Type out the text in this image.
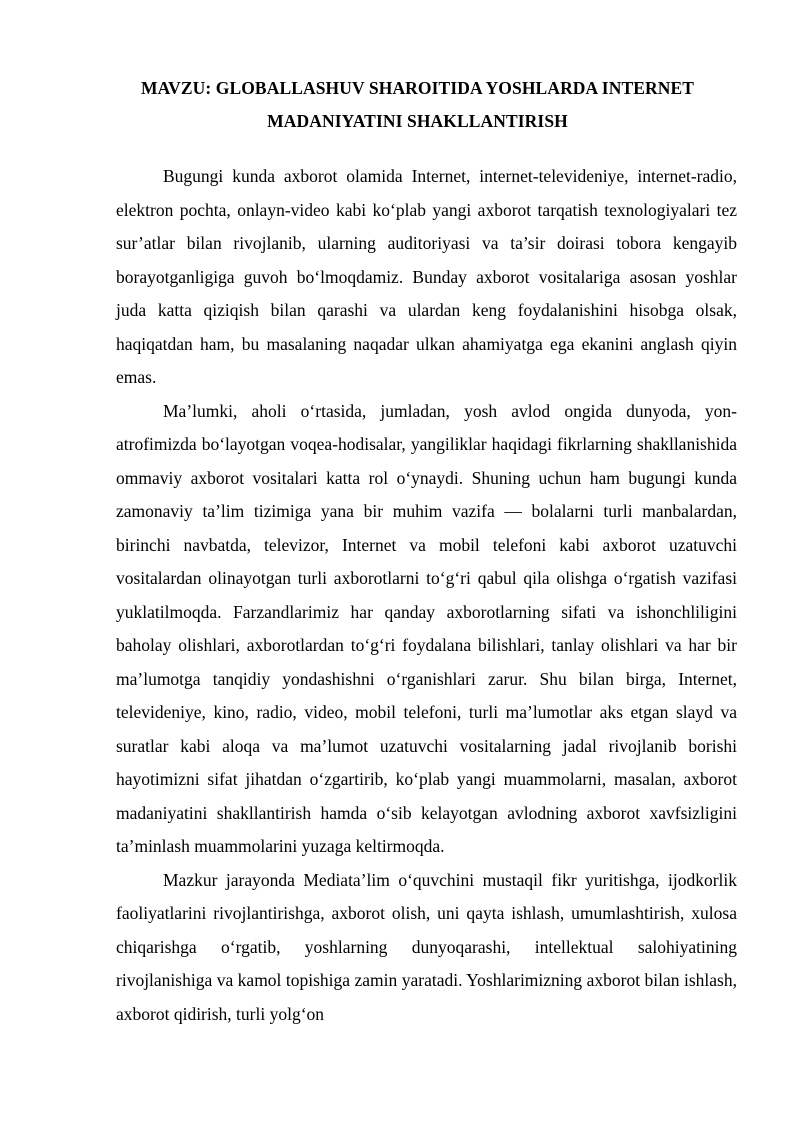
MAVZU: GLOBALLASHUV SHAROITIDA YOSHLARDA INTERNET
MADANIYATINI SHAKLLANTIRISH

Bugungi kunda axborot olamida Internet, internet-televideniye, internet-radio, elektron pochta, onlayn-video kabi ko‘plab yangi axborot tarqatish texnologiyalari tez sur’atlar bilan rivojlanib, ularning auditoriyasi va ta’sir doirasi tobora kengayib borayotganligiga guvoh bo‘lmoqdamiz. Bunday axborot vositalariga asosan yoshlar juda katta qiziqish bilan qarashi va ulardan keng foydalanishini hisobga olsak, haqiqatdan ham, bu masalaning naqadar ulkan ahamiyatga ega ekanini anglash qiyin emas.

Ma’lumki, aholi o‘rtasida, jumladan, yosh avlod ongida dunyoda, yon-atrofimizda bo‘layotgan voqea-hodisalar, yangiliklar haqidagi fikrlarning shakllanishida ommaviy axborot vositalari katta rol o‘ynaydi. Shuning uchun ham bugungi kunda zamonaviy ta’lim tizimiga yana bir muhim vazifa — bolalarni turli manbalardan, birinchi navbatda, televizor, Internet va mobil telefoni kabi axborot uzatuvchi vositalardan olinayotgan turli axborotlarni to‘g‘ri qabul qila olishga o‘rgatish vazifasi yuklatilmoqda. Farzandlarimiz har qanday axborotlarning sifati va ishonchliligini baholay olishlari, axborotlardan to‘g‘ri foydalana bilishlari, tanlay olishlari va har bir ma’lumotga tanqidiy yondashishni o‘rganishlari zarur. Shu bilan birga, Internet, televideniye, kino, radio, video, mobil telefoni, turli ma’lumotlar aks etgan slayd va suratlar kabi aloqa va ma’lumot uzatuvchi vositalarning jadal rivojlanib borishi hayotimizni sifat jihatdan o‘zgartirib, ko‘plab yangi muammolarni, masalan, axborot madaniyatini shakllantirish hamda o‘sib kelayotgan avlodning axborot xavfsizligini ta’minlash muammolarini yuzaga keltirmoqda.

Mazkur jarayonda Mediata’lim o‘quvchini mustaqil fikr yuritishga, ijodkorlik faoliyatlarini rivojlantirishga, axborot olish, uni qayta ishlash, umumlashtirish, xulosa chiqarishga o‘rgatib, yoshlarning dunyoqarashi, intellektual salohiyatining rivojlanishiga va kamol topishiga zamin yaratadi. Yoshlarimizning axborot bilan ishlash, axborot qidirish, turli yolg‘on
